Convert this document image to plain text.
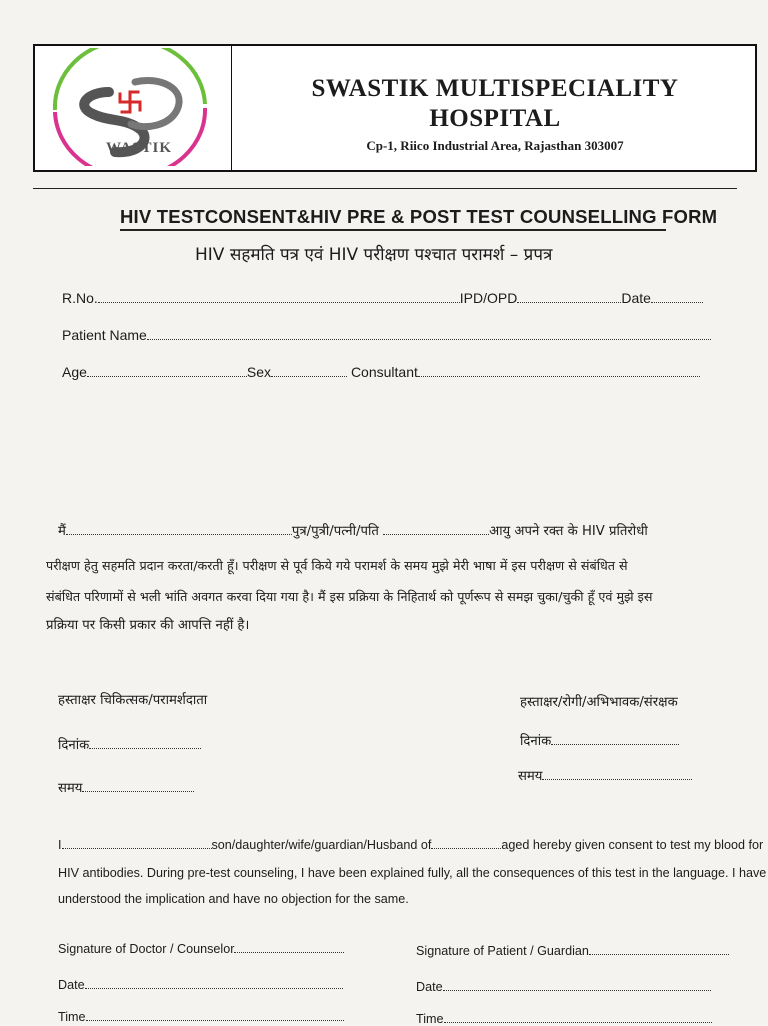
WASTIK
SWASTIK MULTISPECIALITY
HOSPITAL
Cp-1, Riico Industrial Area, Rajasthan 303007
HIV TESTCONSENT&HIV PRE & POST TEST COUNSELLING FORM
HIV सहमति पत्र एवं HIV परीक्षण पश्चात परामर्श – प्रपत्र
R.No.	IPD/OPD	Date
Patient Name
Age	Sex	Consultant
मैं	पुत्र/पुत्री/पत्नी/पति	आयु अपने रक्त के HIV प्रतिरोधी
परीक्षण हेतु सहमति प्रदान करता/करती हूँ। परीक्षण से पूर्व किये गये परामर्श के समय मुझे मेरी भाषा में इस परीक्षण से संबंधित से
संबंधित परिणामों से भली भांति अवगत करवा दिया गया है। मैं इस प्रक्रिया के निहितार्थ को पूर्णरूप से समझ चुका/चुकी हूँ एवं मुझे इस
प्रक्रिया पर किसी प्रकार की आपत्ति नहीं है।
हस्ताक्षर चिकित्सक/परामर्शदाता	हस्ताक्षर/रोगी/अभिभावक/संरक्षक
दिनांक	दिनांक
समय
समय
I	son/daughter/wife/guardian/Husband of	aged hereby given consent to test my blood for
HIV antibodies. During pre-test counseling, I have been explained fully, all the consequences of this test in the language. I have
understood the implication and have no objection for the same.
Signature of Doctor / Counselor	Signature of Patient / Guardian
Date	Date
Time	Time
